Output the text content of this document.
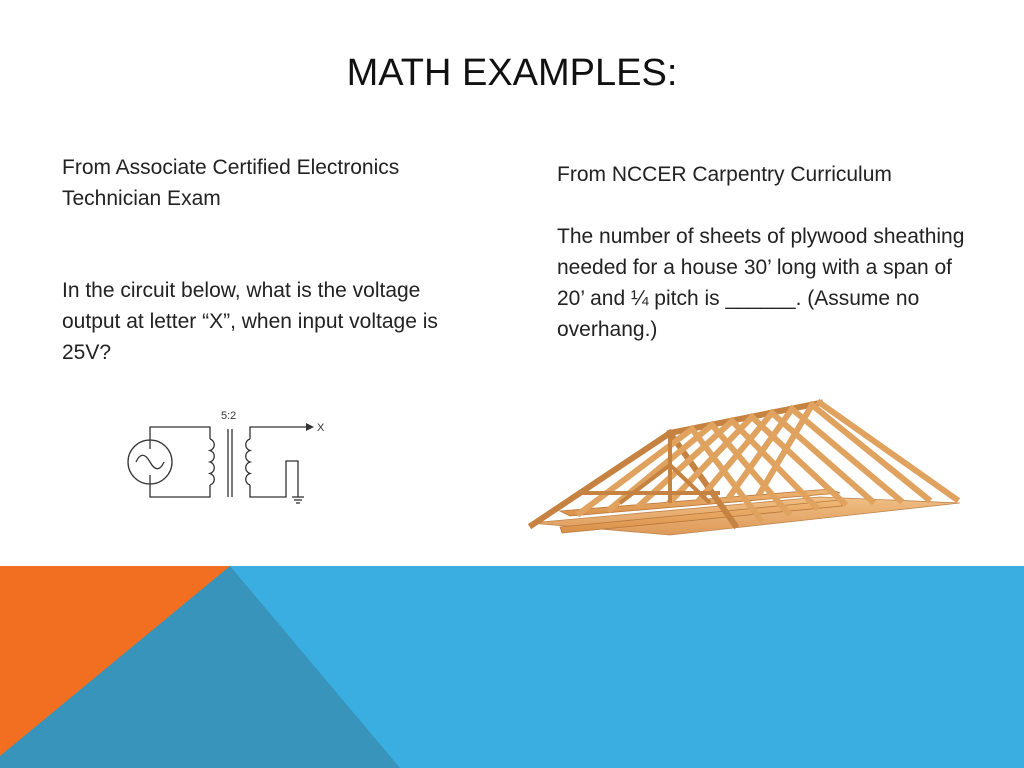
MATH EXAMPLES:
From Associate Certified Electronics Technician Exam
In the circuit below, what is the voltage output at letter “X”, when input voltage is 25V?
From NCCER Carpentry Curriculum
The number of sheets of plywood sheathing needed for a house 30’ long with a span of 20’ and ¼ pitch is ______. (Assume no overhang.)
5:2
X
